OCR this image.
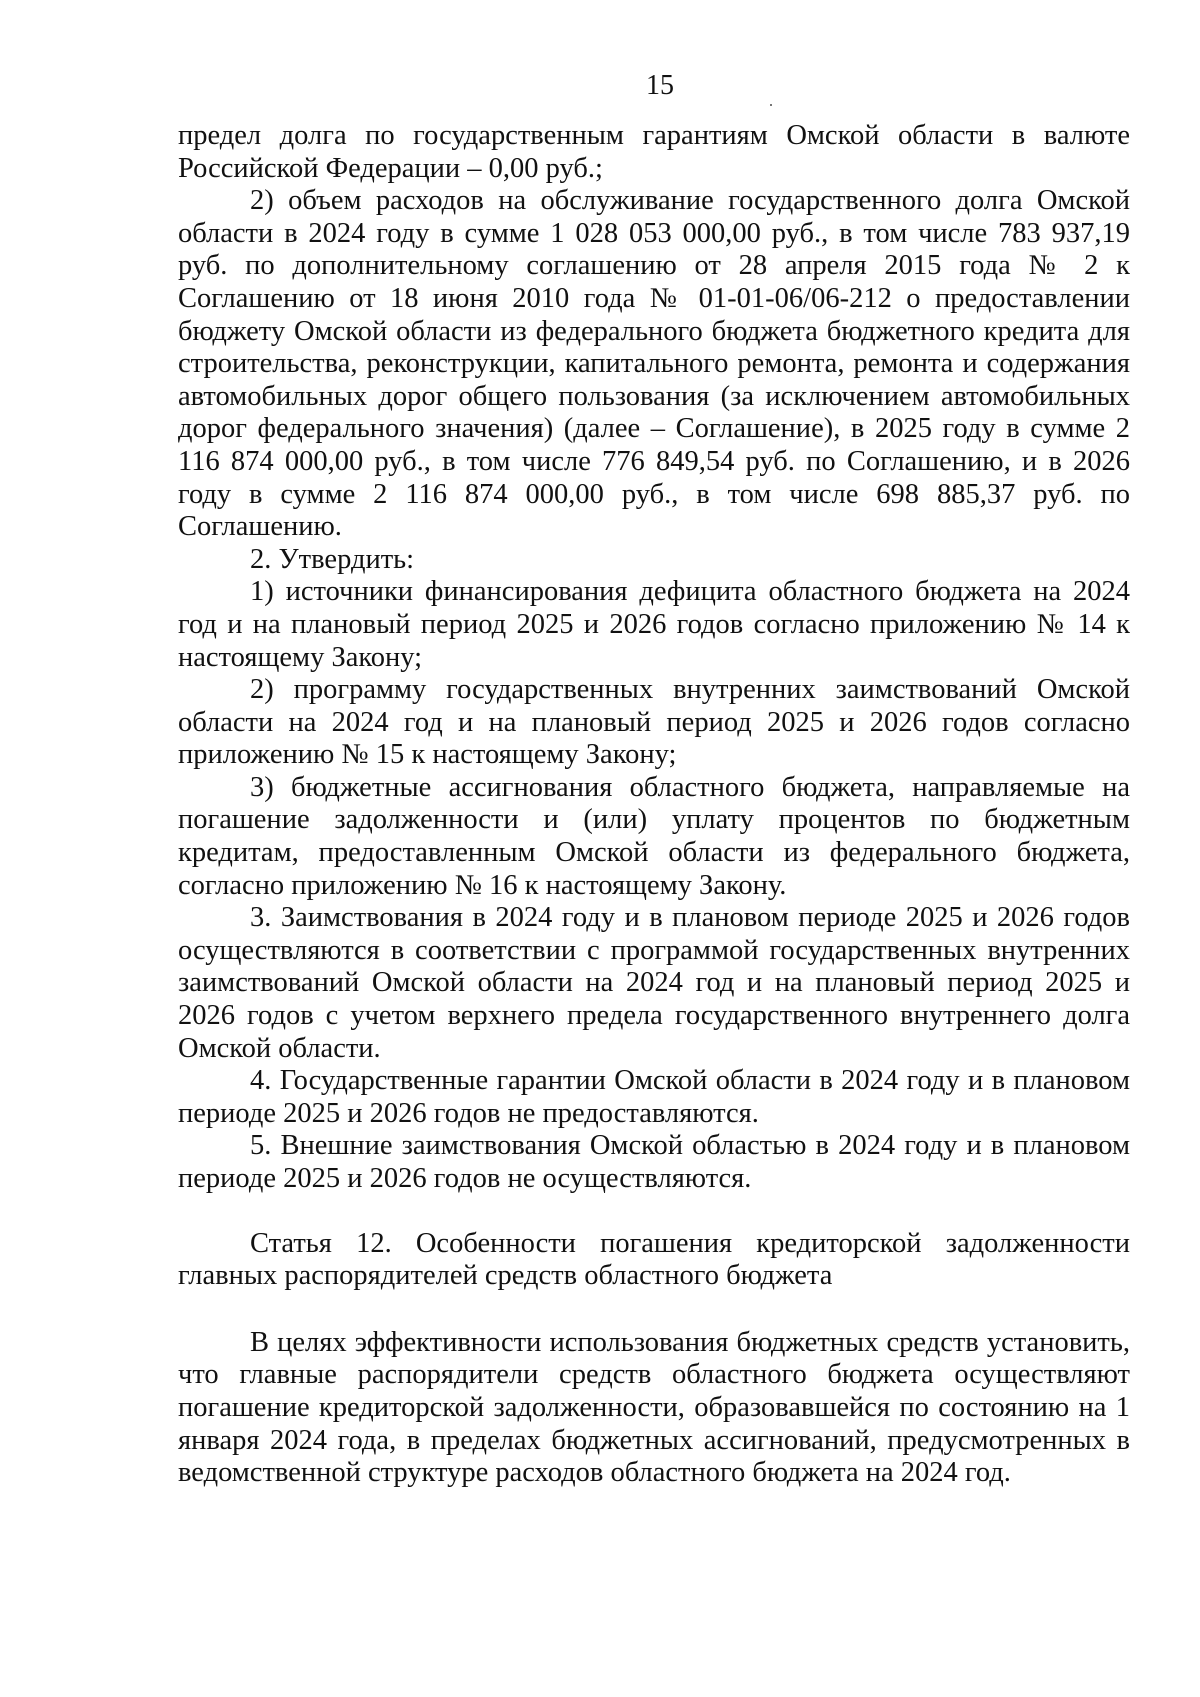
15

предел долга по государственным гарантиям Омской области в валюте Российской Федерации – 0,00 руб.;

2) объем расходов на обслуживание государственного долга Омской области в 2024 году в сумме 1 028 053 000,00 руб., в том числе 783 937,19 руб. по дополнительному соглашению от 28 апреля 2015 года № 2 к Соглашению от 18 июня 2010 года № 01-01-06/06-212 о предоставлении бюджету Омской области из федерального бюджета бюджетного кредита для строительства, реконструкции, капитального ремонта, ремонта и содержания автомобильных дорог общего пользования (за исключением автомобильных дорог федерального значения) (далее – Соглашение), в 2025 году в сумме 2 116 874 000,00 руб., в том числе 776 849,54 руб. по Соглашению, и в 2026 году в сумме 2 116 874 000,00 руб., в том числе 698 885,37 руб. по Соглашению.

2. Утвердить:

1) источники финансирования дефицита областного бюджета на 2024 год и на плановый период 2025 и 2026 годов согласно приложению № 14 к настоящему Закону;

2) программу государственных внутренних заимствований Омской области на 2024 год и на плановый период 2025 и 2026 годов согласно приложению № 15 к настоящему Закону;

3) бюджетные ассигнования областного бюджета, направляемые на погашение задолженности и (или) уплату процентов по бюджетным кредитам, предоставленным Омской области из федерального бюджета, согласно приложению № 16 к настоящему Закону.

3. Заимствования в 2024 году и в плановом периоде 2025 и 2026 годов осуществляются в соответствии с программой государственных внутренних заимствований Омской области на 2024 год и на плановый период 2025 и 2026 годов с учетом верхнего предела государственного внутреннего долга Омской области.

4. Государственные гарантии Омской области в 2024 году и в плановом периоде 2025 и 2026 годов не предоставляются.

5. Внешние заимствования Омской областью в 2024 году и в плановом периоде 2025 и 2026 годов не осуществляются.

Статья 12. Особенности погашения кредиторской задолженности главных распорядителей средств областного бюджета

В целях эффективности использования бюджетных средств установить, что главные распорядители средств областного бюджета осуществляют погашение кредиторской задолженности, образовавшейся по состоянию на 1 января 2024 года, в пределах бюджетных ассигнований, предусмотренных в ведомственной структуре расходов областного бюджета на 2024 год.
